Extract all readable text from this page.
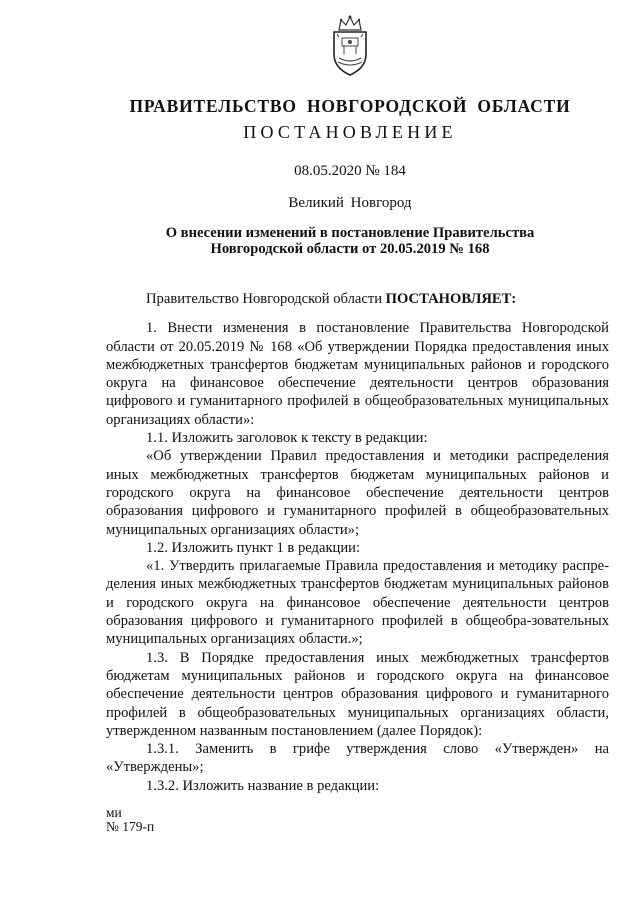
ПРАВИТЕЛЬСТВО НОВГОРОДСКОЙ ОБЛАСТИ
ПОСТАНОВЛЕНИЕ
08.05.2020 № 184
Великий Новгород
О внесении изменений в постановление Правительства
Новгородской области от 20.05.2019 № 168

Правительство Новгородской области ПОСТАНОВЛЯЕТ:

1. Внести изменения в постановление Правительства Новгородской области от 20.05.2019 № 168 «Об утверждении Порядка предоставления иных межбюджетных трансфертов бюджетам муниципальных районов и городского округа на финансовое обеспечение деятельности центров образования цифрового и гуманитарного профилей в общеобразовательных муниципальных организациях области»:

1.1. Изложить заголовок к тексту в редакции:

«Об утверждении Правил предоставления и методики распределения иных межбюджетных трансфертов бюджетам муниципальных районов и городского округа на финансовое обеспечение деятельности центров образования цифрового и гуманитарного профилей в общеобразовательных муниципальных организациях области»;

1.2. Изложить пункт 1 в редакции:

«1. Утвердить прилагаемые Правила предоставления и методику распре-деления иных межбюджетных трансфертов бюджетам муниципальных районов и городского округа на финансовое обеспечение деятельности центров образования цифрового и гуманитарного профилей в общеобра-зовательных муниципальных организациях области.»;

1.3. В Порядке предоставления иных межбюджетных трансфертов бюджетам муниципальных районов и городского округа на финансовое обеспечение деятельности центров образования цифрового и гуманитарного профилей в общеобразовательных муниципальных организациях области, утвержденном названным постановлением (далее Порядок):

1.3.1. Заменить в грифе утверждения слово «Утвержден» на «Утверждены»;

1.3.2. Изложить название в редакции:

ми
№ 179-п
